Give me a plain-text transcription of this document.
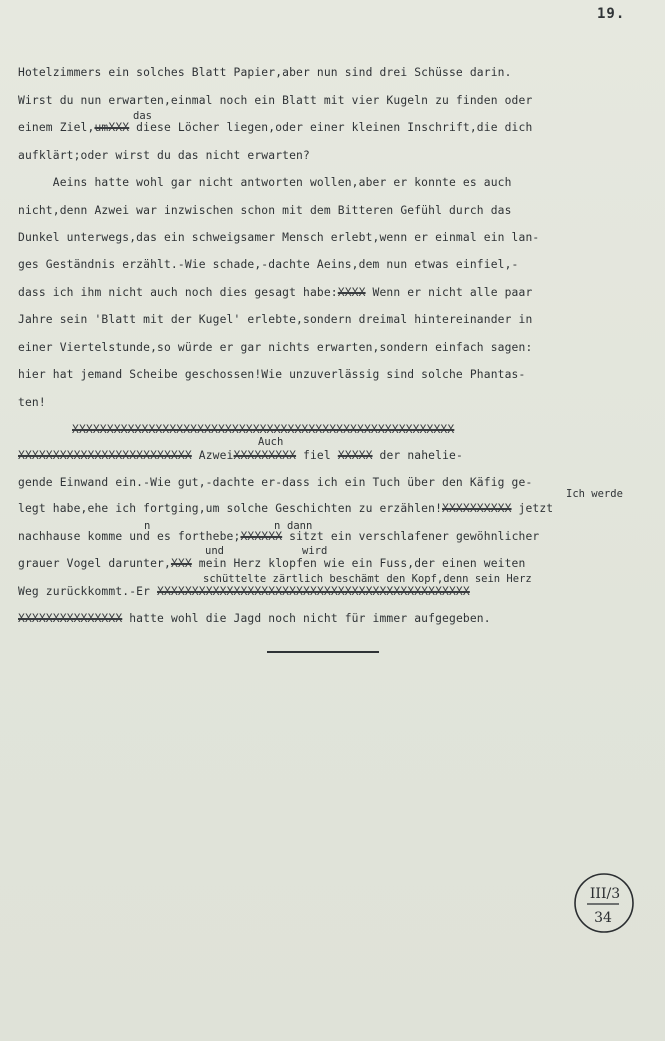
19.
das
Auch
Ich werde
n	n dann
und	wird
schüttelte zärtlich beschämt den Kopf,denn sein Herz
Hotelzimmers ein solches Blatt Papier,aber nun sind drei Schüsse darin.
Wirst du nun erwarten,einmal noch ein Blatt mit vier Kugeln zu finden oder
einem Ziel,umXXX diese Löcher liegen,oder einer kleinen Inschrift,die dich
aufklärt;oder wirst du das nicht erwarten?
Aeins hatte wohl gar nicht antworten wollen,aber er konnte es auch
nicht,denn Azwei war inzwischen schon mit dem Bitteren Gefühl durch das
Dunkel unterwegs,das ein schweigsamer Mensch erlebt,wenn er einmal ein lan-
ges Geständnis erzählt.-Wie schade,-dachte Aeins,dem nun etwas einfiel,-
dass ich ihm nicht auch noch dies gesagt habe:XXXX Wenn er nicht alle paar
Jahre sein 'Blatt mit der Kugel' erlebte,sondern dreimal hintereinander in
einer Viertelstunde,so würde er gar nichts erwarten,sondern einfach sagen:
hier hat jemand Scheibe geschossen!Wie unzuverlässig sind solche Phantas-
ten!
XXXXXXXXXXXXXXXXXXXXXXXXXXXXXXXXXXXXXXXXXXXXXXXXXXXXXXX
XXXXXXXXXXXXXXXXXXXXXXXXX AzweiXXXXXXXXX fiel XXXXX der nahelie-
gende Einwand ein.-Wie gut,-dachte er-dass ich ein Tuch über den Käfig ge-
legt habe,ehe ich fortging,um solche Geschichten zu erzählen!XXXXXXXXXX jetzt
nachhause komme und es forthebe;XXXXXX sitzt ein verschlafener gewöhnlicher
grauer Vogel darunter,XXX mein Herz klopfen wie ein Fuss,der einen weiten
Weg zurückkommt.-Er XXXXXXXXXXXXXXXXXXXXXXXXXXXXXXXXXXXXXXXXXXXXX
XXXXXXXXXXXXXXX hatte wohl die Jagd noch nicht für immer aufgegeben.
III/3
34
